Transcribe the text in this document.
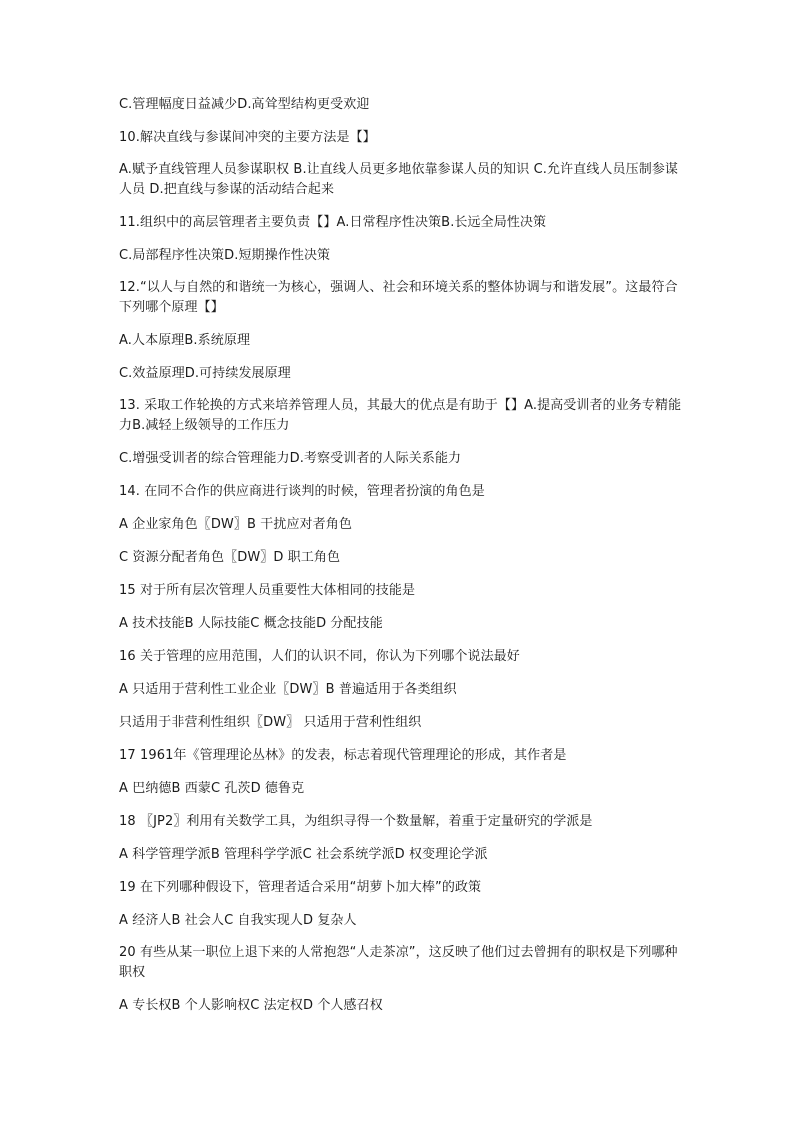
C.管理幅度日益减少D.高耸型结构更受欢迎

10.解决直线与参谋间冲突的主要方法是【】

A.赋予直线管理人员参谋职权 B.让直线人员更多地依靠参谋人员的知识 C.允许直线人员压制参谋人员 D.把直线与参谋的活动结合起来

11.组织中的高层管理者主要负责【】A.日常程序性决策B.长远全局性决策

C.局部程序性决策D.短期操作性决策

12.“以人与自然的和谐统一为核心，强调人、社会和环境关系的整体协调与和谐发展”。这最符合下列哪个原理【】

A.人本原理B.系统原理

C.效益原理D.可持续发展原理

13. 采取工作轮换的方式来培养管理人员，其最大的优点是有助于【】A.提高受训者的业务专精能力B.减轻上级领导的工作压力

C.增强受训者的综合管理能力D.考察受训者的人际关系能力

14. 在同不合作的供应商进行谈判的时候，管理者扮演的角色是

A 企业家角色〖DW〗B 干扰应对者角色

C 资源分配者角色〖DW〗D 职工角色

15 对于所有层次管理人员重要性大体相同的技能是

A 技术技能B 人际技能C 概念技能D 分配技能

16 关于管理的应用范围，人们的认识不同，你认为下列哪个说法最好

A 只适用于营利性工业企业〖DW〗B 普遍适用于各类组织

只适用于非营利性组织〖DW〗 只适用于营利性组织

17 1961年《管理理论丛林》的发表，标志着现代管理理论的形成，其作者是

A 巴纳德B 西蒙C 孔茨D 德鲁克

18 〖JP2〗利用有关数学工具，为组织寻得一个数量解，着重于定量研究的学派是

A 科学管理学派B 管理科学学派C 社会系统学派D 权变理论学派

19 在下列哪种假设下，管理者适合采用“胡萝卜加大棒”的政策

A 经济人B 社会人C 自我实现人D 复杂人

20 有些从某一职位上退下来的人常抱怨“人走茶凉”，这反映了他们过去曾拥有的职权是下列哪种职权

A 专长权B 个人影响权C 法定权D 个人感召权
